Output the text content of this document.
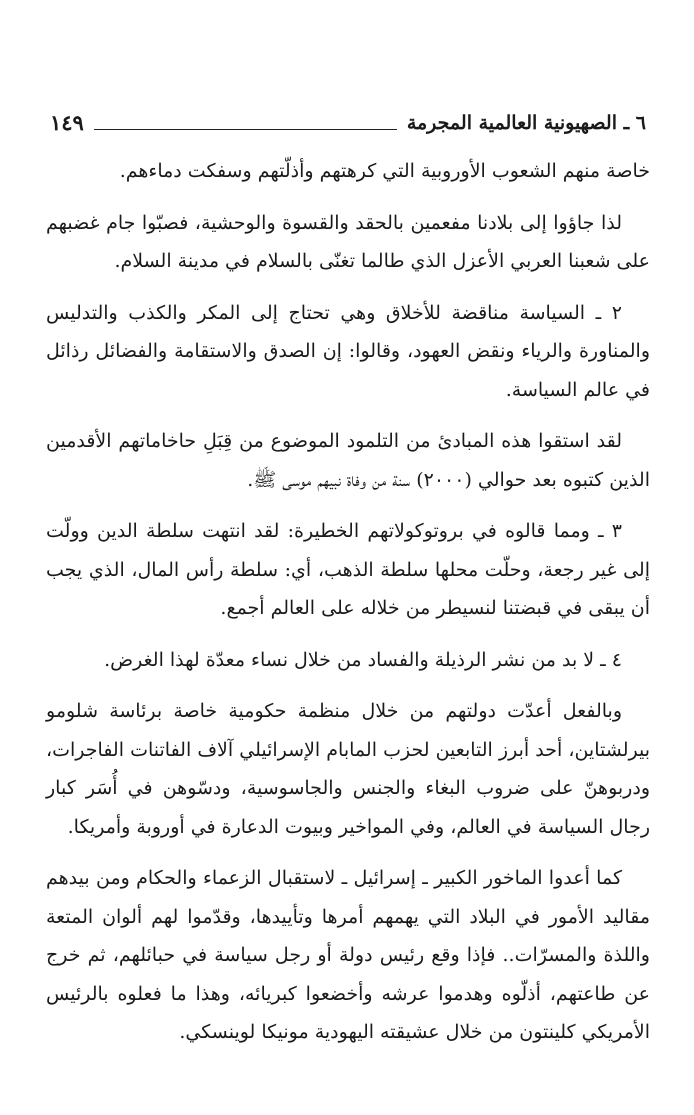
٦ ـ الصهيونية العالمية المجرمة
١٤٩

خاصة منهم الشعوب الأوروبية التي كرهتهم وأذلّتهم وسفكت دماءهم.

لذا جاؤوا إلى بلادنا مفعمين بالحقد والقسوة والوحشية، فصبّوا جام غضبهم على شعبنا العربي الأعزل الذي طالما تغنّى بالسلام في مدينة السلام.

٢ ـ السياسة مناقضة للأخلاق وهي تحتاج إلى المكر والكذب والتدليس والمناورة والرياء ونقض العهود، وقالوا: إن الصدق والاستقامة والفضائل رذائل في عالم السياسة.

لقد استقوا هذه المبادئ من التلمود الموضوع من قِبَلِ حاخاماتهم الأقدمين الذين كتبوه بعد حوالي (٢٠٠٠) سنة من وفاة نبيهم موسى ﷺ.

٣ ـ ومما قالوه في بروتوكولاتهم الخطيرة: لقد انتهت سلطة الدين وولّت إلى غير رجعة، وحلّت محلها سلطة الذهب، أي: سلطة رأس المال، الذي يجب أن يبقى في قبضتنا لنسيطر من خلاله على العالم أجمع.

٤ ـ لا بد من نشر الرذيلة والفساد من خلال نساء معدّة لهذا الغرض.

وبالفعل أعدّت دولتهم من خلال منظمة حكومية خاصة برئاسة شلومو بيرلشتاين، أحد أبرز التابعين لحزب المابام الإسرائيلي آلاف الفاتنات الفاجرات، ودربوهنّ على ضروب البغاء والجنس والجاسوسية، ودسّوهن في أُسَر كبار رجال السياسة في العالم، وفي المواخير وبيوت الدعارة في أوروبة وأمريكا.

كما أعدوا الماخور الكبير ـ إسرائيل ـ لاستقبال الزعماء والحكام ومن بيدهم مقاليد الأمور في البلاد التي يهمهم أمرها وتأييدها، وقدّموا لهم ألوان المتعة واللذة والمسرّات.. فإذا وقع رئيس دولة أو رجل سياسة في حبائلهم، ثم خرج عن طاعتهم، أذلّوه وهدموا عرشه وأخضعوا كبريائه، وهذا ما فعلوه بالرئيس الأمريكي كلينتون من خلال عشيقته اليهودية مونيكا لوينسكي.
